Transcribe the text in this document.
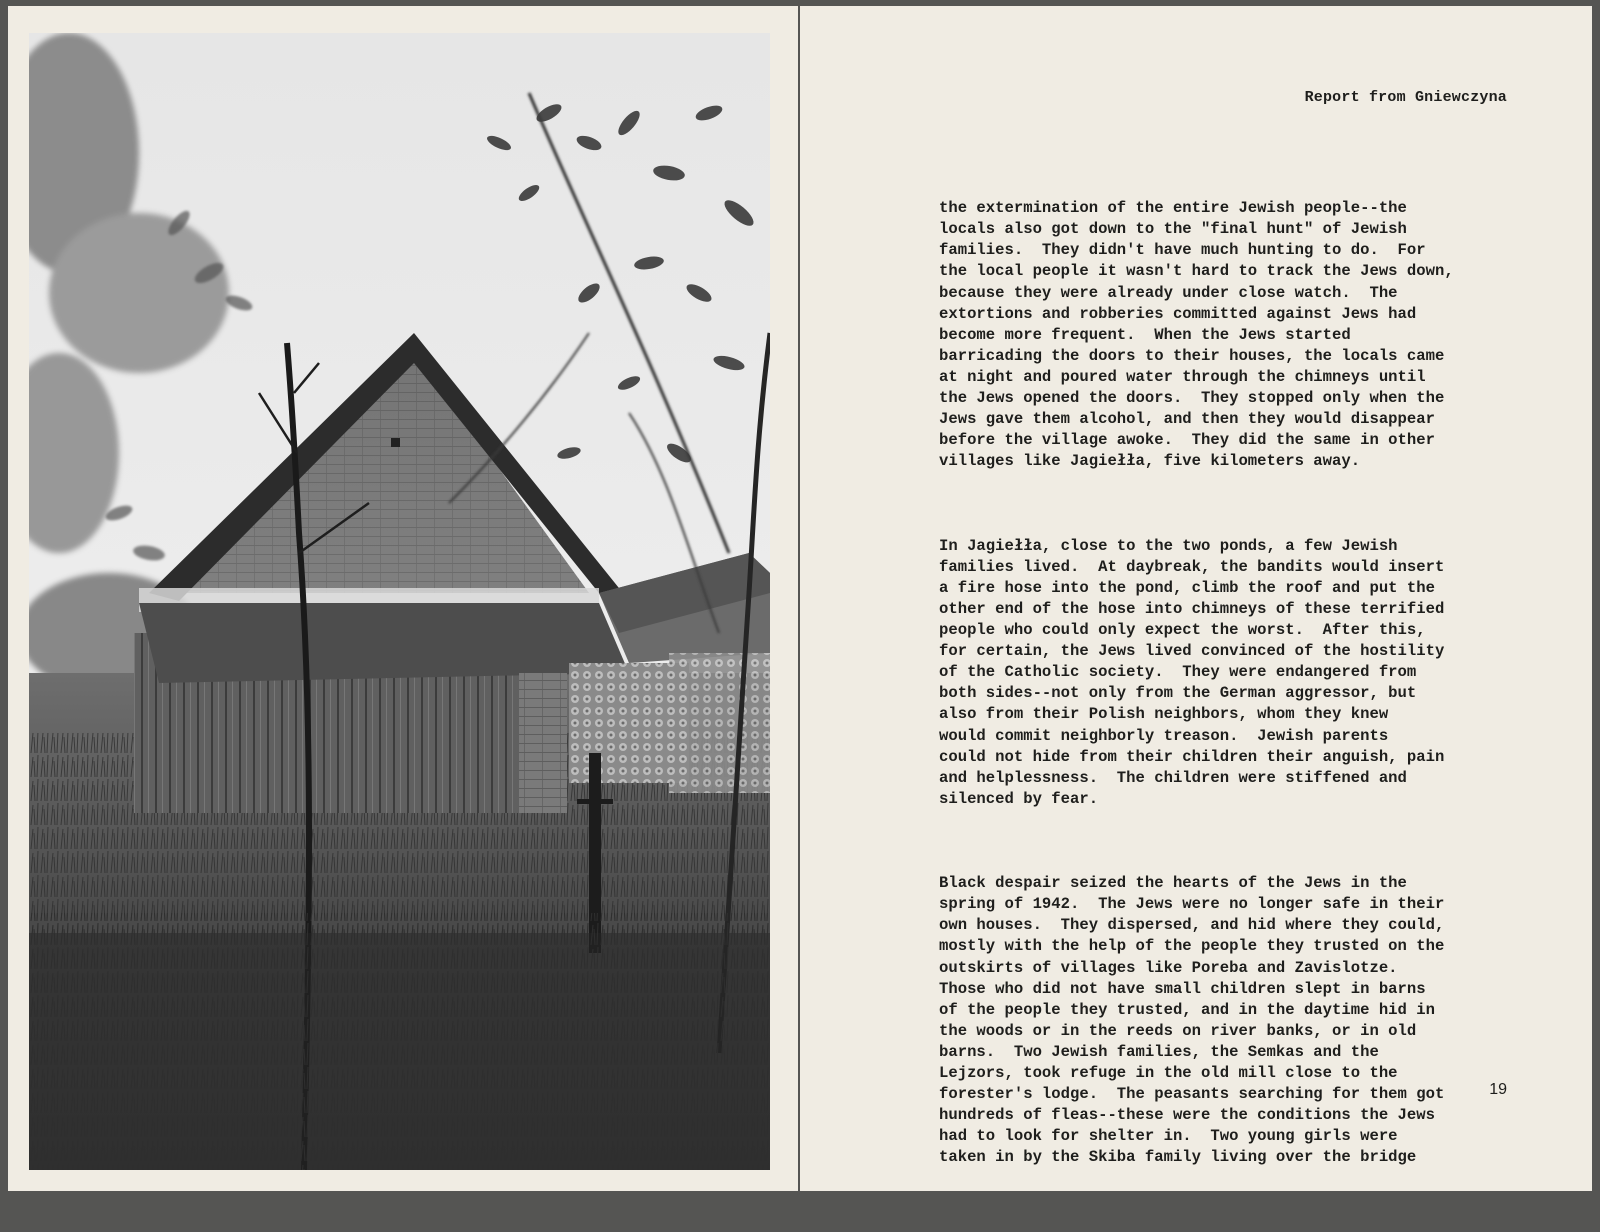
Report from Gniewczyna

the extermination of the entire Jewish people--the
locals also got down to the "final hunt" of Jewish
families.  They didn't have much hunting to do.  For
the local people it wasn't hard to track the Jews down,
because they were already under close watch.  The
extortions and robberies committed against Jews had
become more frequent.  When the Jews started
barricading the doors to their houses, the locals came
at night and poured water through the chimneys until
the Jews opened the doors.  They stopped only when the
Jews gave them alcohol, and then they would disappear
before the village awoke.  They did the same in other
villages like Jagiełła, five kilometers away.

In Jagiełła, close to the two ponds, a few Jewish
families lived.  At daybreak, the bandits would insert
a fire hose into the pond, climb the roof and put the
other end of the hose into chimneys of these terrified
people who could only expect the worst.  After this,
for certain, the Jews lived convinced of the hostility
of the Catholic society.  They were endangered from
both sides--not only from the German aggressor, but
also from their Polish neighbors, whom they knew
would commit neighborly treason.  Jewish parents
could not hide from their children their anguish, pain
and helplessness.  The children were stiffened and
silenced by fear.

Black despair seized the hearts of the Jews in the
spring of 1942.  The Jews were no longer safe in their
own houses.  They dispersed, and hid where they could,
mostly with the help of the people they trusted on the
outskirts of villages like Poreba and Zavislotze.
Those who did not have small children slept in barns
of the people they trusted, and in the daytime hid in
the woods or in the reeds on river banks, or in old
barns.  Two Jewish families, the Semkas and the
Lejzors, took refuge in the old mill close to the
forester's lodge.  The peasants searching for them got
hundreds of fleas--these were the conditions the Jews
had to look for shelter in.  Two young girls were
taken in by the Skiba family living over the bridge

19
